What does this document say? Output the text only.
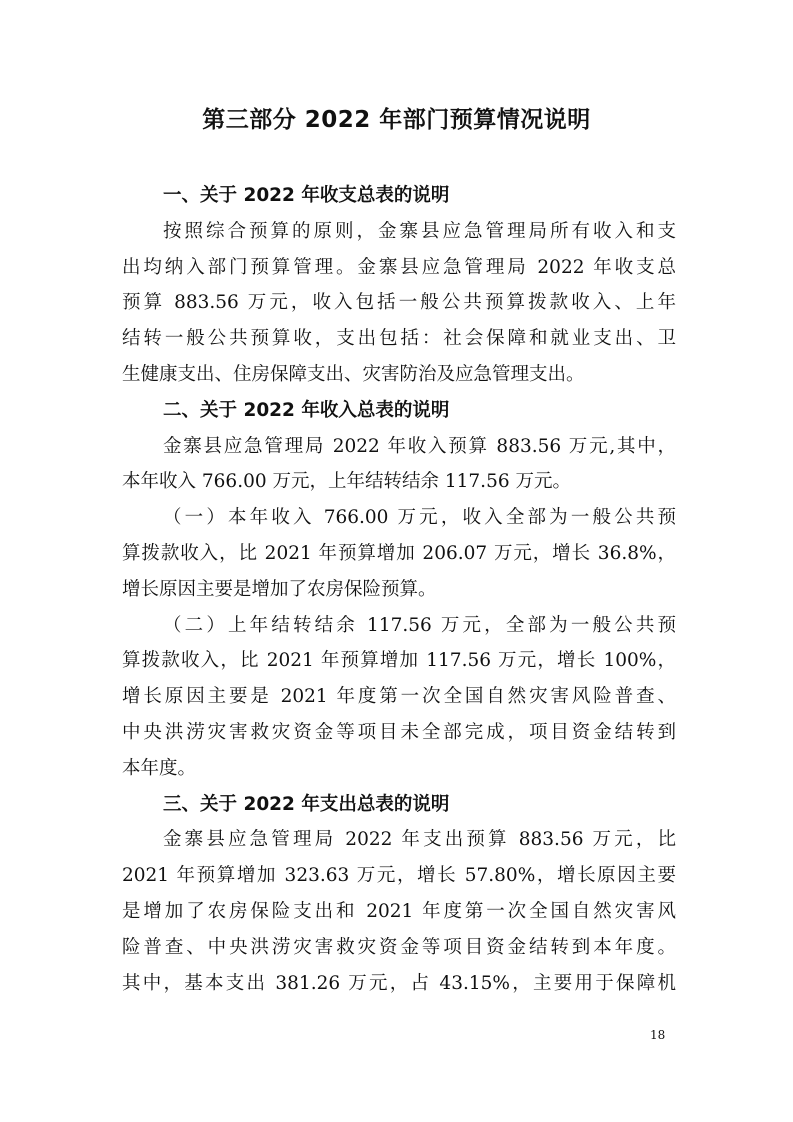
第三部分 2022 年部门预算情况说明
一、关于 2022 年收支总表的说明
按照综合预算的原则，金寨县应急管理局所有收入和支
出均纳入部门预算管理。金寨县应急管理局 2022 年收支总
预算 883.56 万元，收入包括一般公共预算拨款收入、上年
结转一般公共预算收，支出包括：社会保障和就业支出、卫
生健康支出、住房保障支出、灾害防治及应急管理支出。
二、关于 2022 年收入总表的说明
金寨县应急管理局 2022 年收入预算 883.56 万元,其中，
本年收入 766.00 万元，上年结转结余 117.56 万元。
（一）本年收入 766.00 万元，收入全部为一般公共预
算拨款收入，比 2021 年预算增加 206.07 万元，增长 36.8%，
增长原因主要是增加了农房保险预算。
（二）上年结转结余 117.56 万元，全部为一般公共预
算拨款收入，比 2021 年预算增加 117.56 万元，增长 100%，
增长原因主要是 2021 年度第一次全国自然灾害风险普查、
中央洪涝灾害救灾资金等项目未全部完成，项目资金结转到
本年度。
三、关于 2022 年支出总表的说明
金寨县应急管理局 2022 年支出预算 883.56 万元，比
2021 年预算增加 323.63 万元，增长 57.80%，增长原因主要
是增加了农房保险支出和 2021 年度第一次全国自然灾害风
险普查、中央洪涝灾害救灾资金等项目资金结转到本年度。
其中，基本支出 381.26 万元，占 43.15%，主要用于保障机
18
